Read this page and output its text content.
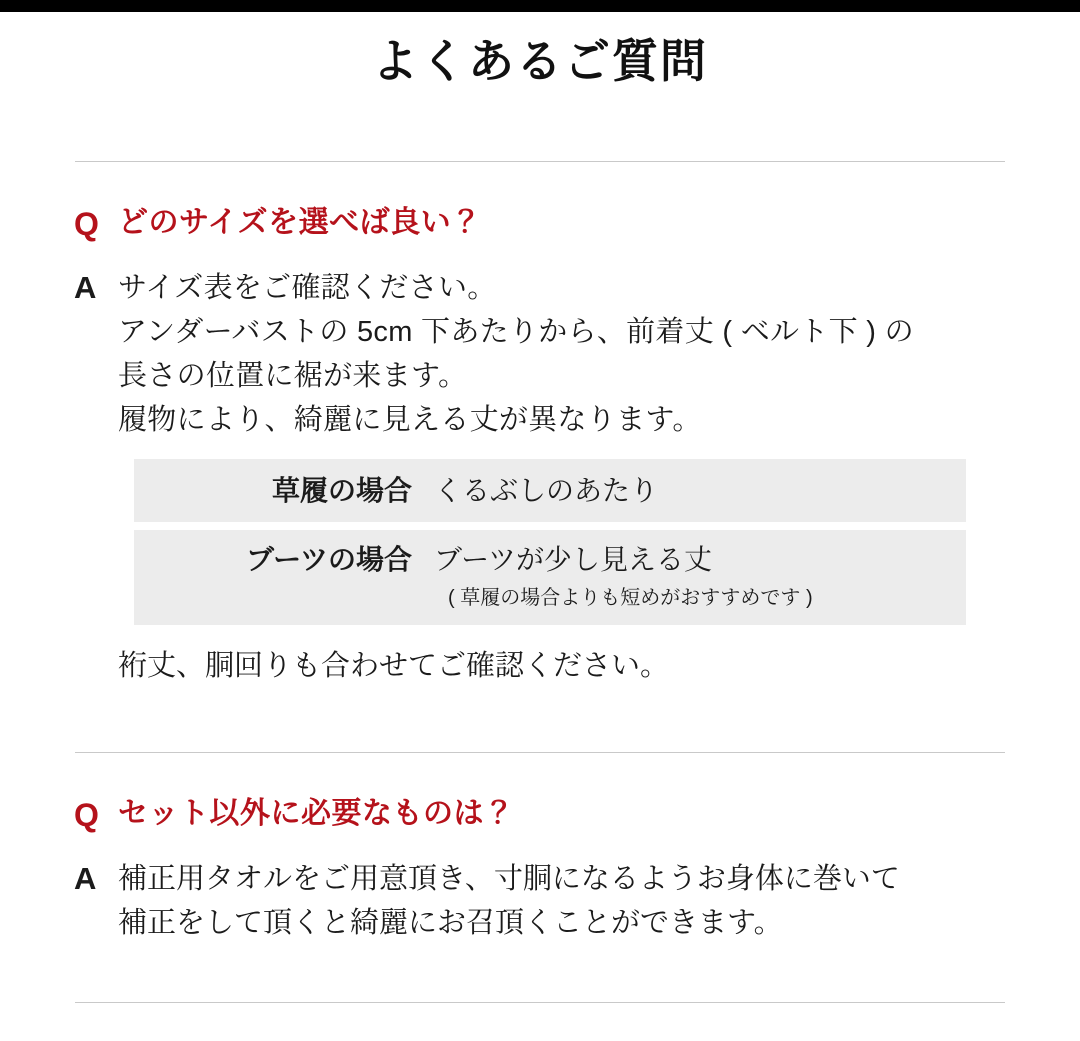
よくあるご質問
Q どのサイズを選べば良い？
A サイズ表をご確認ください。
アンダーバストの 5cm 下あたりから、前着丈 ( ベルト下 ) の
長さの位置に裾が来ます。
履物により、綺麗に見える丈が異なります。
草履の場合 くるぶしのあたり
ブーツの場合 ブーツが少し見える丈
( 草履の場合よりも短めがおすすめです )
裄丈、胴回りも合わせてご確認ください。
Q セット以外に必要なものは？
A 補正用タオルをご用意頂き、寸胴になるようお身体に巻いて
補正をして頂くと綺麗にお召頂くことができます。
